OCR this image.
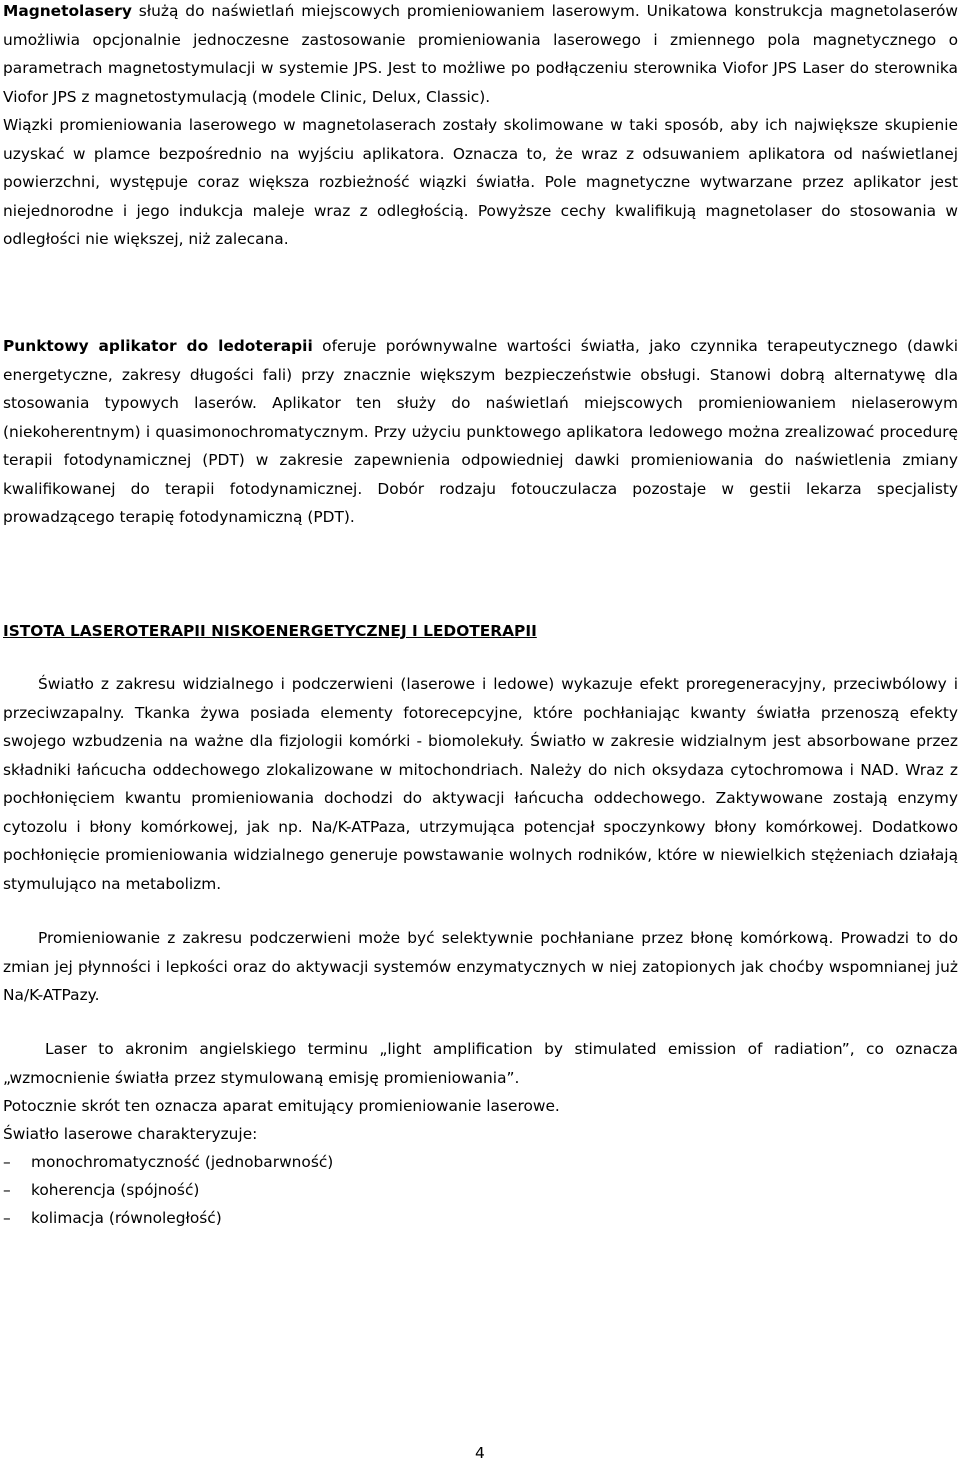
Magnetolasery służą do naświetlań miejscowych promieniowaniem laserowym. Unikatowa konstrukcja magnetolaserów umożliwia opcjonalnie jednoczesne zastosowanie promieniowania laserowego i zmiennego pola magnetycznego o parametrach magnetostymulacji w systemie JPS. Jest to możliwe po podłączeniu sterownika Viofor JPS Laser do sterownika Viofor JPS z magnetostymulacją (modele Clinic, Delux, Classic).
Wiązki promieniowania laserowego w magnetolaserach zostały skolimowane w taki sposób, aby ich największe skupienie uzyskać w plamce bezpośrednio na wyjściu aplikatora. Oznacza to, że wraz z odsuwaniem aplikatora od naświetlanej powierzchni, występuje coraz większa rozbieżność wiązki światła. Pole magnetyczne wytwarzane przez aplikator jest niejednorodne i jego indukcja maleje wraz z odległością. Powyższe cechy kwalifikują magnetolaser do stosowania w odległości nie większej, niż zalecana.

Punktowy aplikator do ledoterapii oferuje porównywalne wartości światła, jako czynnika terapeutycznego (dawki energetyczne, zakresy długości fali) przy znacznie większym bezpieczeństwie obsługi. Stanowi dobrą alternatywę dla stosowania typowych laserów. Aplikator ten służy do naświetlań miejscowych promieniowaniem nielaserowym (niekoherentnym) i quasimonochromatycznym. Przy użyciu punktowego aplikatora ledowego można zrealizować procedurę terapii fotodynamicznej (PDT) w zakresie zapewnienia odpowiedniej dawki promieniowania do naświetlenia zmiany kwalifikowanej do terapii fotodynamicznej. Dobór rodzaju fotouczulacza pozostaje w gestii lekarza specjalisty prowadzącego terapię fotodynamiczną (PDT).

ISTOTA LASEROTERAPII NISKOENERGETYCZNEJ I LEDOTERAPII

Światło z zakresu widzialnego i podczerwieni (laserowe i ledowe) wykazuje efekt proregeneracyjny, przeciwbólowy i przeciwzapalny. Tkanka żywa posiada elementy fotorecepcyjne, które pochłaniając kwanty światła przenoszą efekty swojego wzbudzenia na ważne dla fizjologii komórki - biomolekuły. Światło w zakresie widzialnym jest absorbowane przez składniki łańcucha oddechowego zlokalizowane w mitochondriach. Należy do nich oksydaza cytochromowa i NAD. Wraz z pochłonięciem kwantu promieniowania dochodzi do aktywacji łańcucha oddechowego. Zaktywowane zostają enzymy cytozolu i błony komórkowej, jak np. Na/K-ATPaza, utrzymująca potencjał spoczynkowy błony komórkowej. Dodatkowo pochłonięcie promieniowania widzialnego generuje powstawanie wolnych rodników, które w niewielkich stężeniach działają stymulująco na metabolizm.

Promieniowanie z zakresu podczerwieni może być selektywnie pochłaniane przez błonę komórkową. Prowadzi to do zmian jej płynności i lepkości oraz do aktywacji systemów enzymatycznych w niej zatopionych jak choćby wspomnianej już Na/K-ATPazy.

Laser to akronim angielskiego terminu „light amplification by stimulated emission of radiation”, co oznacza „wzmocnienie światła przez stymulowaną emisję promieniowania”.

Potocznie skrót ten oznacza aparat emitujący promieniowanie laserowe.

Światło laserowe charakteryzuje:

–	monochromatyczność (jednobarwność)
–	koherencja (spójność)
–	kolimacja (równoległość)
4
